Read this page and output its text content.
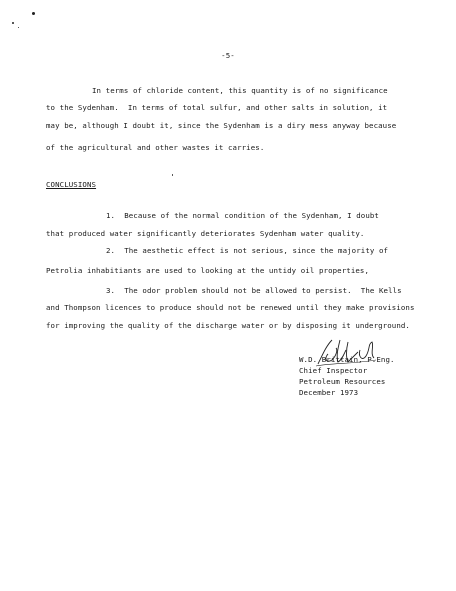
-5-
In terms of chloride content, this quantity is of no significance
to the Sydenham.  In terms of total sulfur, and other salts in solution, it
may be, although I doubt it, since the Sydenham is a diry mess anyway because
of the agricultural and other wastes it carries.
CONCLUSIONS
1.  Because of the normal condition of the Sydenham, I doubt
that produced water significantly deteriorates Sydenham water quality.
2.  The aesthetic effect is not serious, since the majority of
Petrolia inhabitiants are used to looking at the untidy oil properties,
3.  The odor problem should not be allowed to persist.  The Kells
and Thompson licences to produce should not be renewed until they make provisions
for improving the quality of the discharge water or by disposing it underground.
W.D. Brittain, P.Eng.
Chief Inspector
Petroleum Resources
December 1973
